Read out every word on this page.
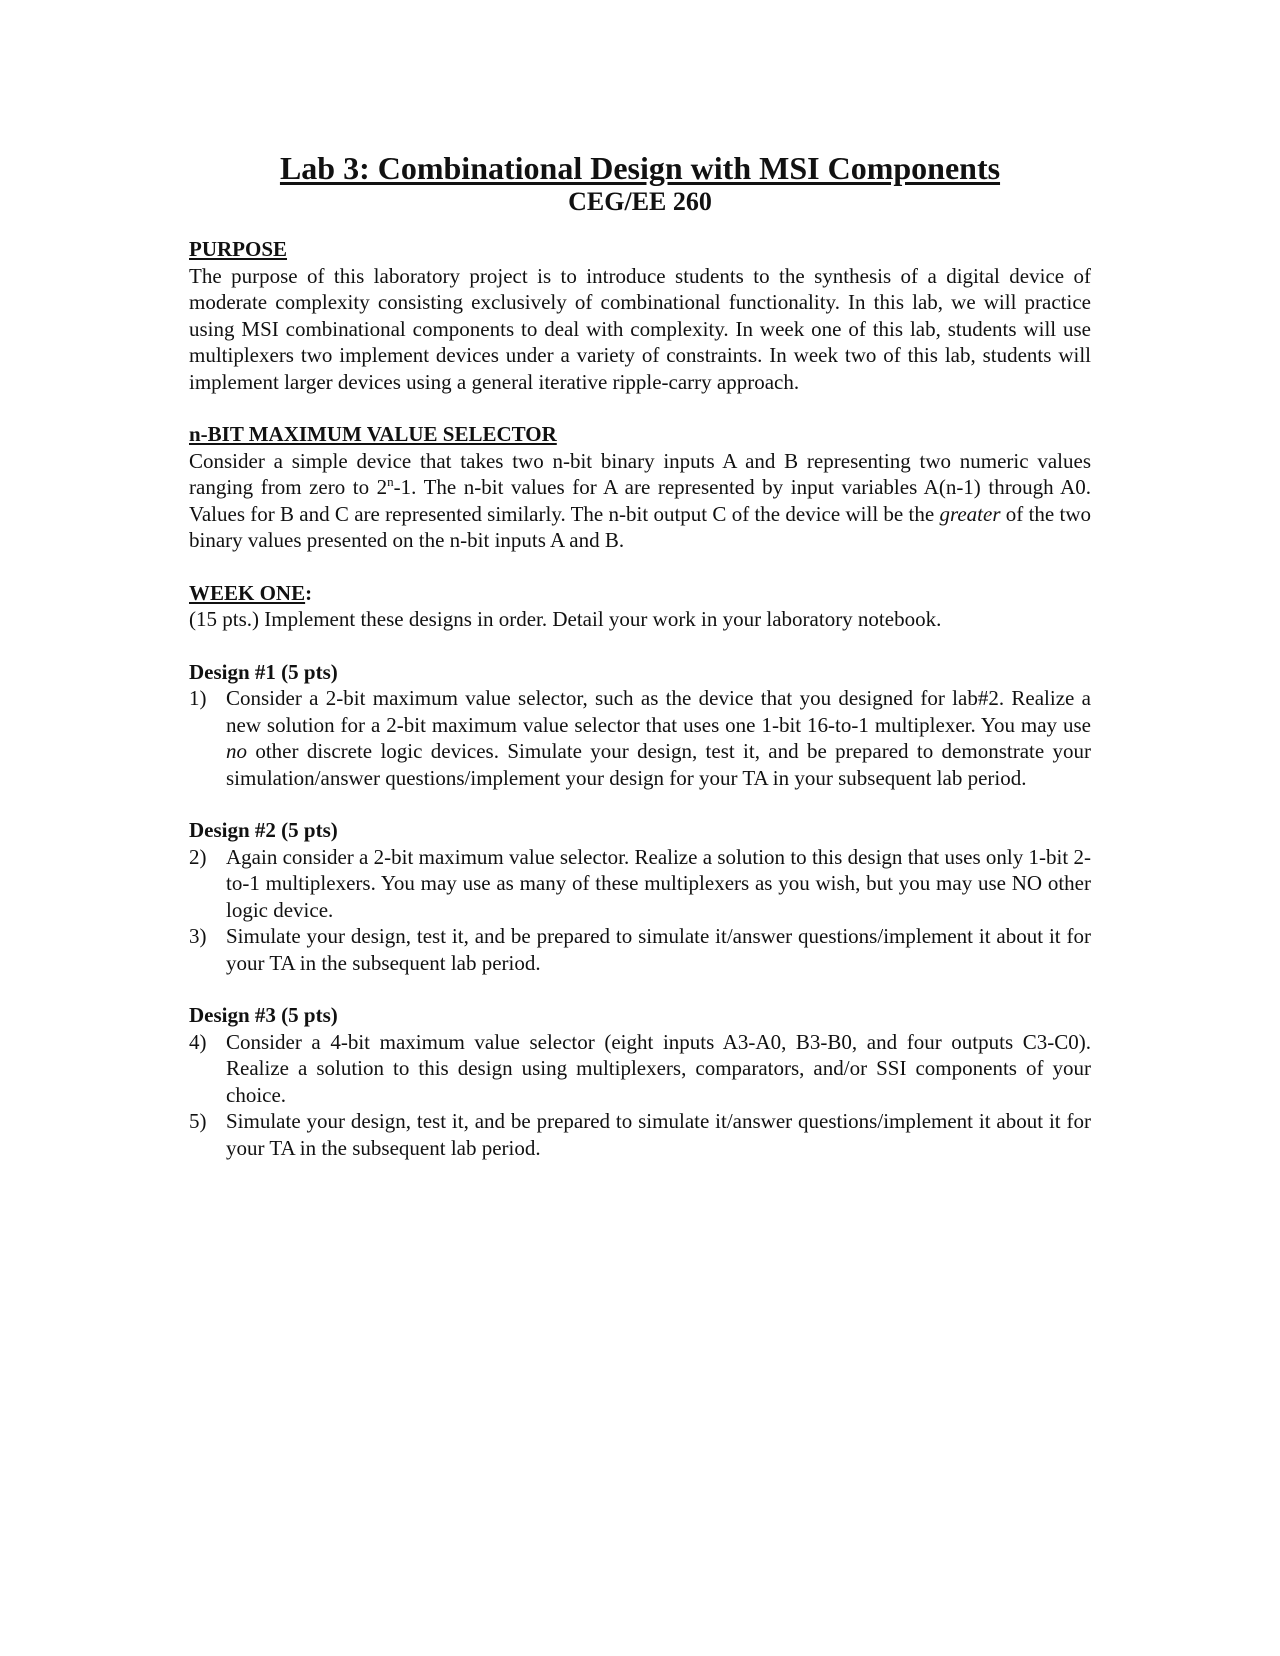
Lab 3: Combinational Design with MSI Components
CEG/EE 260

PURPOSE

The purpose of this laboratory project is to introduce students to the synthesis of a digital device of moderate complexity consisting exclusively of combinational functionality. In this lab, we will practice using MSI combinational components to deal with complexity. In week one of this lab, students will use multiplexers two implement devices under a variety of constraints. In week two of this lab, students will implement larger devices using a general iterative ripple-carry approach.

n-BIT MAXIMUM VALUE SELECTOR

Consider a simple device that takes two n-bit binary inputs A and B representing two numeric values ranging from zero to 2$^n$-1. The n-bit values for A are represented by input variables A(n-1) through A0. Values for B and C are represented similarly. The n-bit output C of the device will be the greater of the two binary values presented on the n-bit inputs A and B.

WEEK ONE:

(15 pts.) Implement these designs in order. Detail your work in your laboratory notebook.

Design #1 (5 pts)

1) Consider a 2-bit maximum value selector, such as the device that you designed for lab#2. Realize a new solution for a 2-bit maximum value selector that uses one 1-bit 16-to-1 multiplexer. You may use no other discrete logic devices. Simulate your design, test it, and be prepared to demonstrate your simulation/answer questions/implement your design for your TA in your subsequent lab period.

Design #2 (5 pts)

2) Again consider a 2-bit maximum value selector. Realize a solution to this design that uses only 1-bit 2-to-1 multiplexers. You may use as many of these multiplexers as you wish, but you may use NO other logic device.
3) Simulate your design, test it, and be prepared to simulate it/answer questions/implement it about it for your TA in the subsequent lab period.

Design #3 (5 pts)

4) Consider a 4-bit maximum value selector (eight inputs A3-A0, B3-B0, and four outputs C3-C0). Realize a solution to this design using multiplexers, comparators, and/or SSI components of your choice.
5) Simulate your design, test it, and be prepared to simulate it/answer questions/implement it about it for your TA in the subsequent lab period.
